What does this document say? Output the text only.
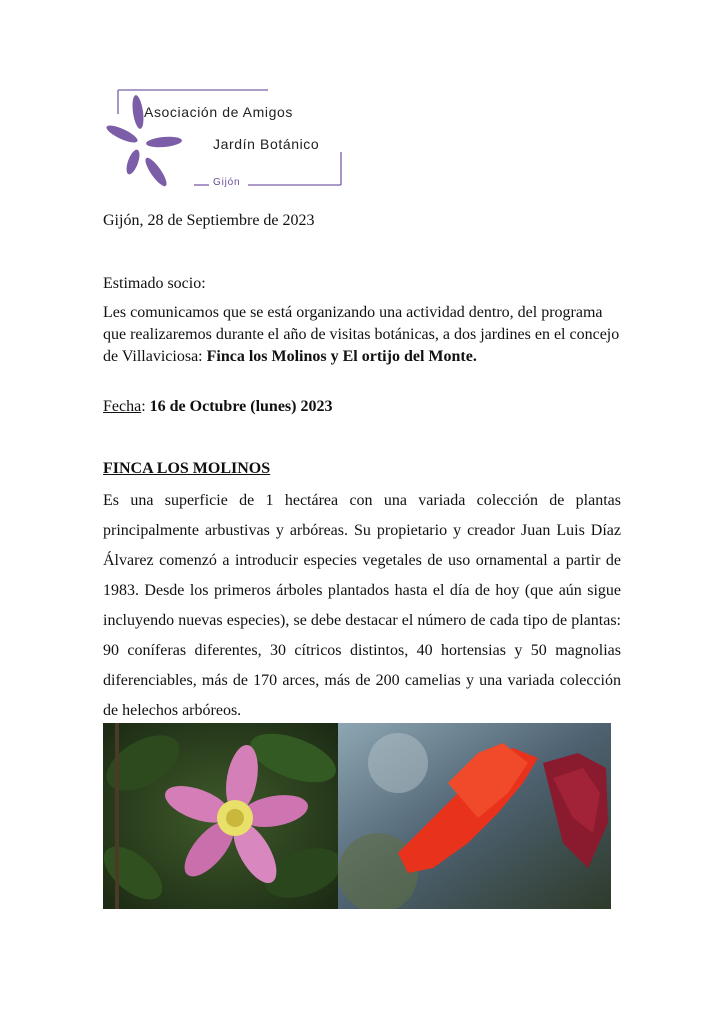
Asociación de Amigos
Jardín Botánico
Gijón
Gijón, 28 de Septiembre de 2023
Estimado socio:
Les comunicamos que se está organizando una actividad dentro, del programa que realizaremos durante el año de visitas botánicas, a dos jardines en el concejo de Villaviciosa: Finca los Molinos y El ortijo del Monte.
Fecha: 16 de Octubre (lunes) 2023
FINCA LOS MOLINOS
Es una superficie de 1 hectárea con una variada colección de plantas principalmente arbustivas y arbóreas. Su propietario y creador Juan Luis Díaz Álvarez comenzó a introducir especies vegetales de uso ornamental a partir de 1983. Desde los primeros árboles plantados hasta el día de hoy (que aún sigue incluyendo nuevas especies), se debe destacar el número de cada tipo de plantas: 90 coníferas diferentes, 30 cítricos distintos, 40 hortensias y 50 magnolias diferenciables, más de 170 arces, más de 200 camelias y una variada colección de helechos arbóreos.
